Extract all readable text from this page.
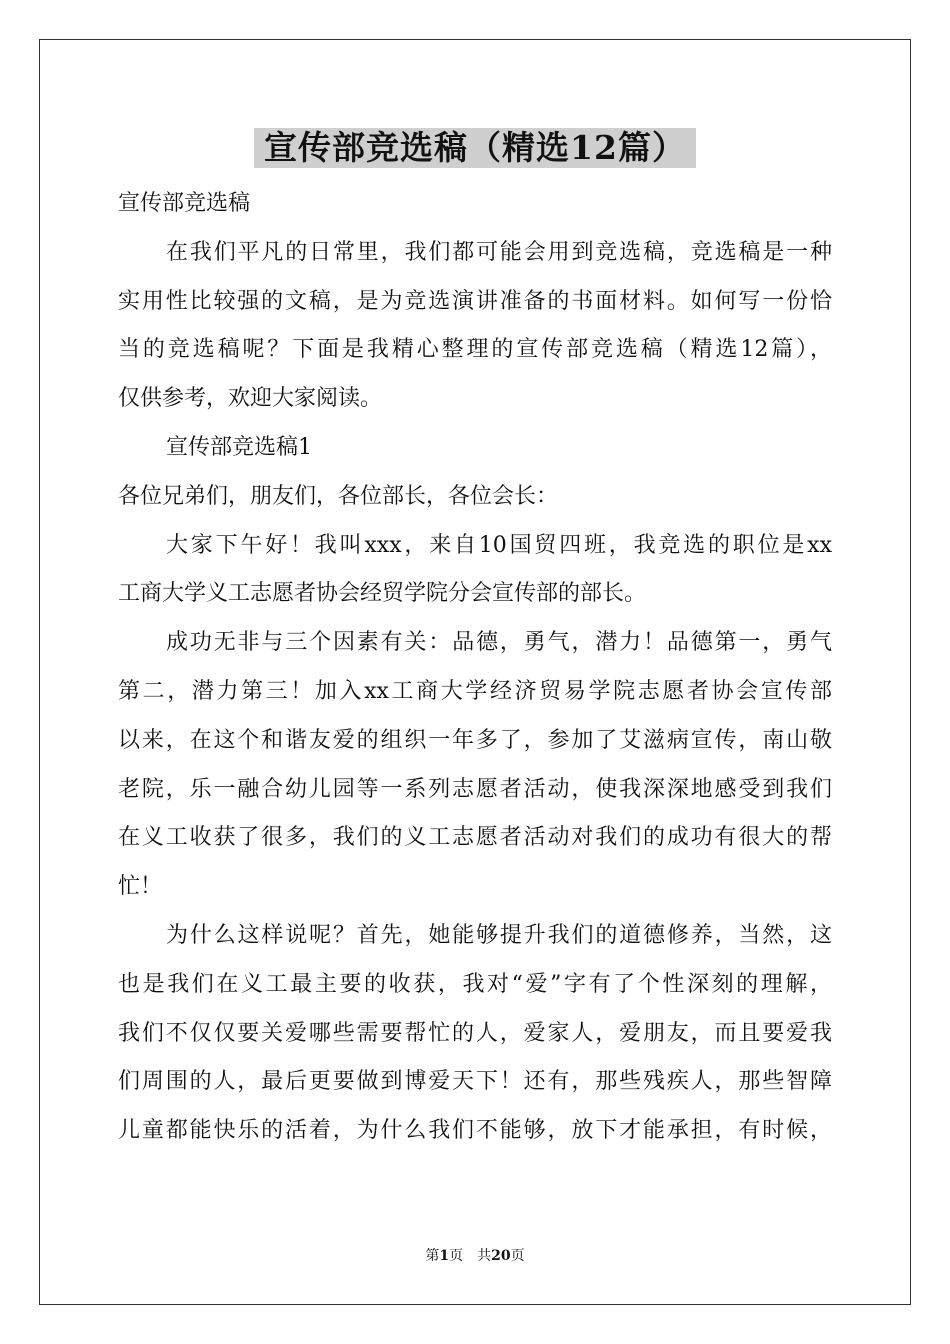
宣传部竞选稿（精选12篇）
宣传部竞选稿
在我们平凡的日常里，我们都可能会用到竞选稿，竞选稿是一种
实用性比较强的文稿，是为竞选演讲准备的书面材料。如何写一份恰
当的竞选稿呢？下面是我精心整理的宣传部竞选稿（精选12篇），
仅供参考，欢迎大家阅读。
宣传部竞选稿1
各位兄弟们，朋友们，各位部长，各位会长：
大家下午好！我叫xxx，来自10国贸四班，我竞选的职位是xx
工商大学义工志愿者协会经贸学院分会宣传部的部长。
成功无非与三个因素有关：品德，勇气，潜力！品德第一，勇气
第二，潜力第三！加入xx工商大学经济贸易学院志愿者协会宣传部
以来，在这个和谐友爱的组织一年多了，参加了艾滋病宣传，南山敬
老院，乐一融合幼儿园等一系列志愿者活动，使我深深地感受到我们
在义工收获了很多，我们的义工志愿者活动对我们的成功有很大的帮
忙！
为什么这样说呢？首先，她能够提升我们的道德修养，当然，这
也是我们在义工最主要的收获，我对“爱”字有了个性深刻的理解，
我们不仅仅要关爱哪些需要帮忙的人，爱家人，爱朋友，而且要爱我
们周围的人，最后更要做到博爱天下！还有，那些残疾人，那些智障
儿童都能快乐的活着，为什么我们不能够，放下才能承担，有时候，
第1页　共20页
